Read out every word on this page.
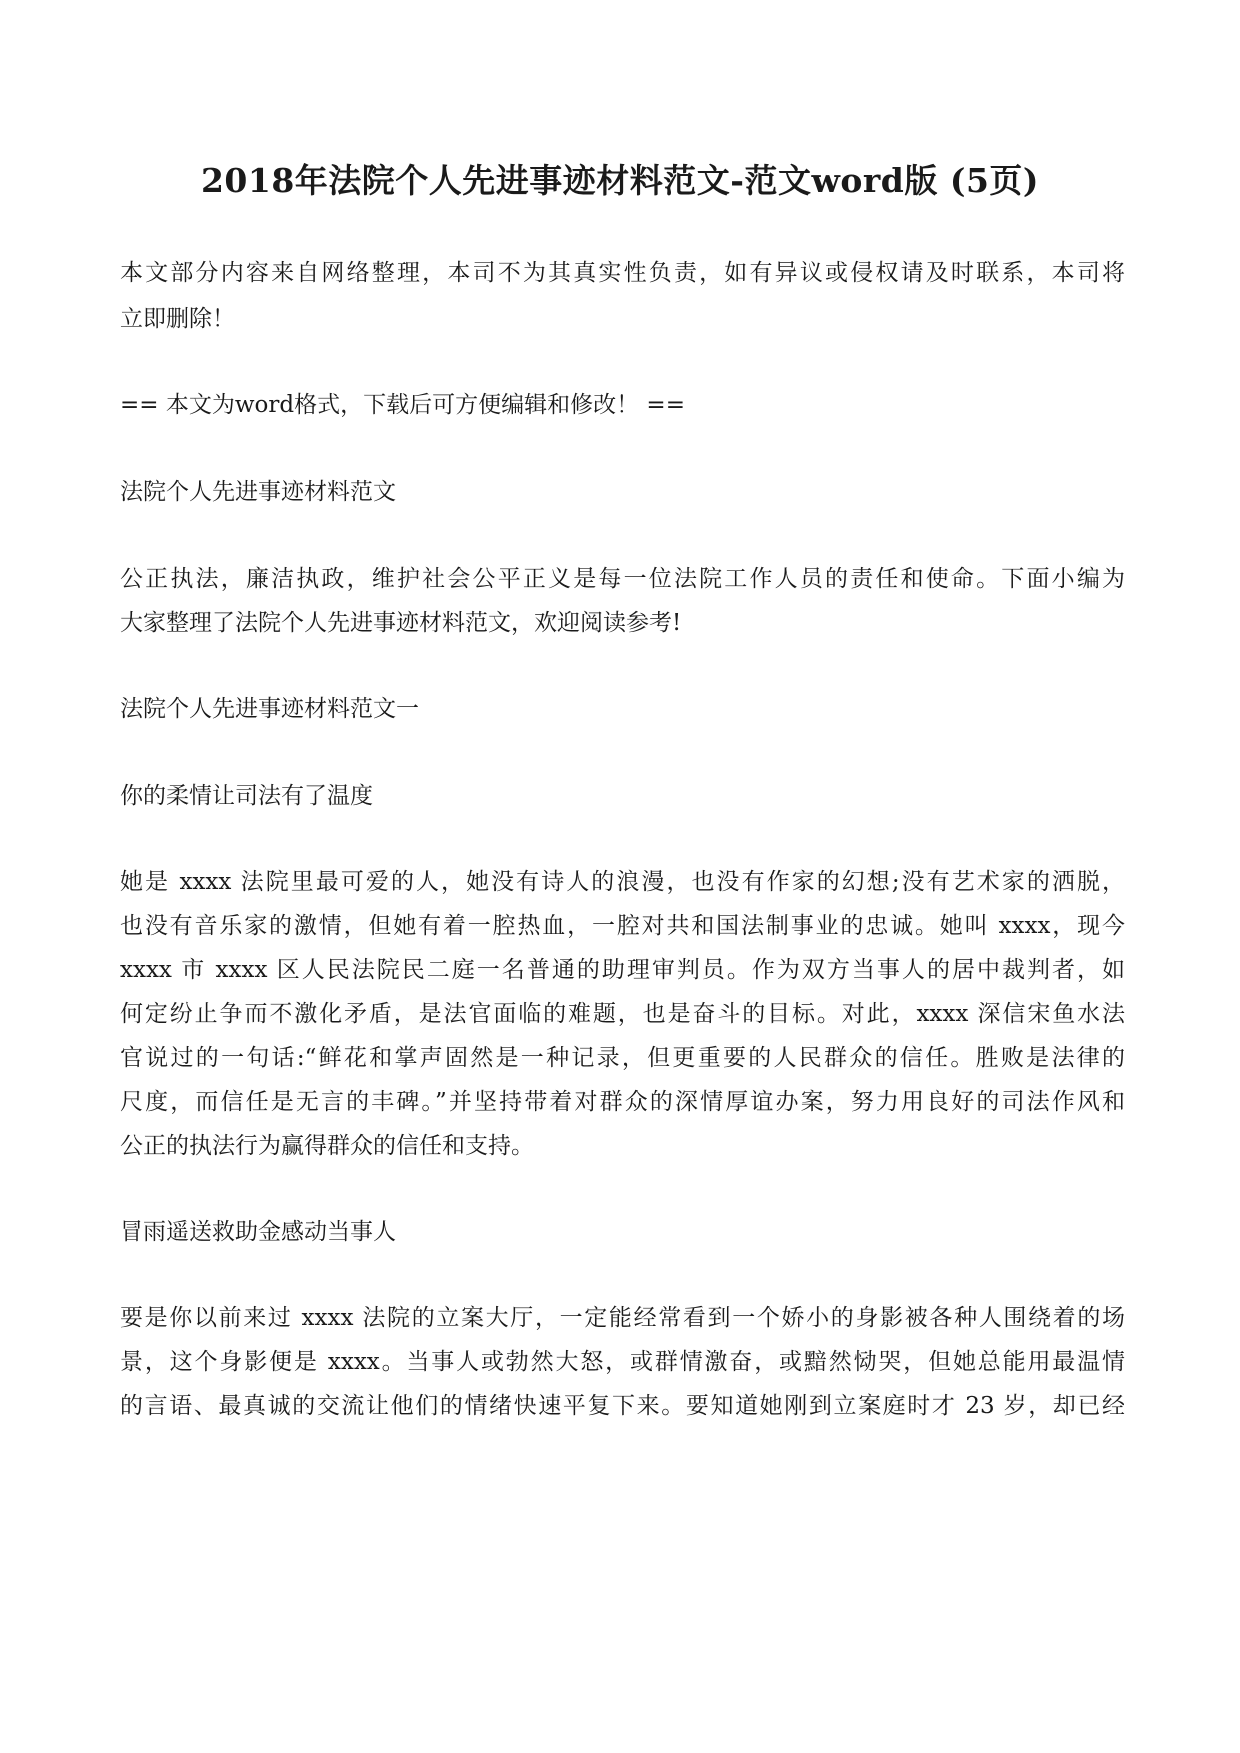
2018年法院个人先进事迹材料范文-范文word版 (5页)

本文部分内容来自网络整理，本司不为其真实性负责，如有异议或侵权请及时联系，本司将

立即删除！

== 本文为word格式，下载后可方便编辑和修改！ ==

法院个人先进事迹材料范文

公正执法，廉洁执政，维护社会公平正义是每一位法院工作人员的责任和使命。下面小编为

大家整理了法院个人先进事迹材料范文，欢迎阅读参考!

法院个人先进事迹材料范文一

你的柔情让司法有了温度

她是 xxxx 法院里最可爱的人，她没有诗人的浪漫，也没有作家的幻想;没有艺术家的洒脱，

也没有音乐家的激情，但她有着一腔热血，一腔对共和国法制事业的忠诚。她叫 xxxx，现今

xxxx 市 xxxx 区人民法院民二庭一名普通的助理审判员。作为双方当事人的居中裁判者，如

何定纷止争而不激化矛盾，是法官面临的难题，也是奋斗的目标。对此，xxxx 深信宋鱼水法

官说过的一句话:“鲜花和掌声固然是一种记录，但更重要的人民群众的信任。胜败是法律的

尺度，而信任是无言的丰碑。”并坚持带着对群众的深情厚谊办案，努力用良好的司法作风和

公正的执法行为赢得群众的信任和支持。

冒雨遥送救助金感动当事人

要是你以前来过 xxxx 法院的立案大厅，一定能经常看到一个娇小的身影被各种人围绕着的场

景，这个身影便是 xxxx。当事人或勃然大怒，或群情激奋，或黯然恸哭，但她总能用最温情

的言语、最真诚的交流让他们的情绪快速平复下来。要知道她刚到立案庭时才 23 岁，却已经
